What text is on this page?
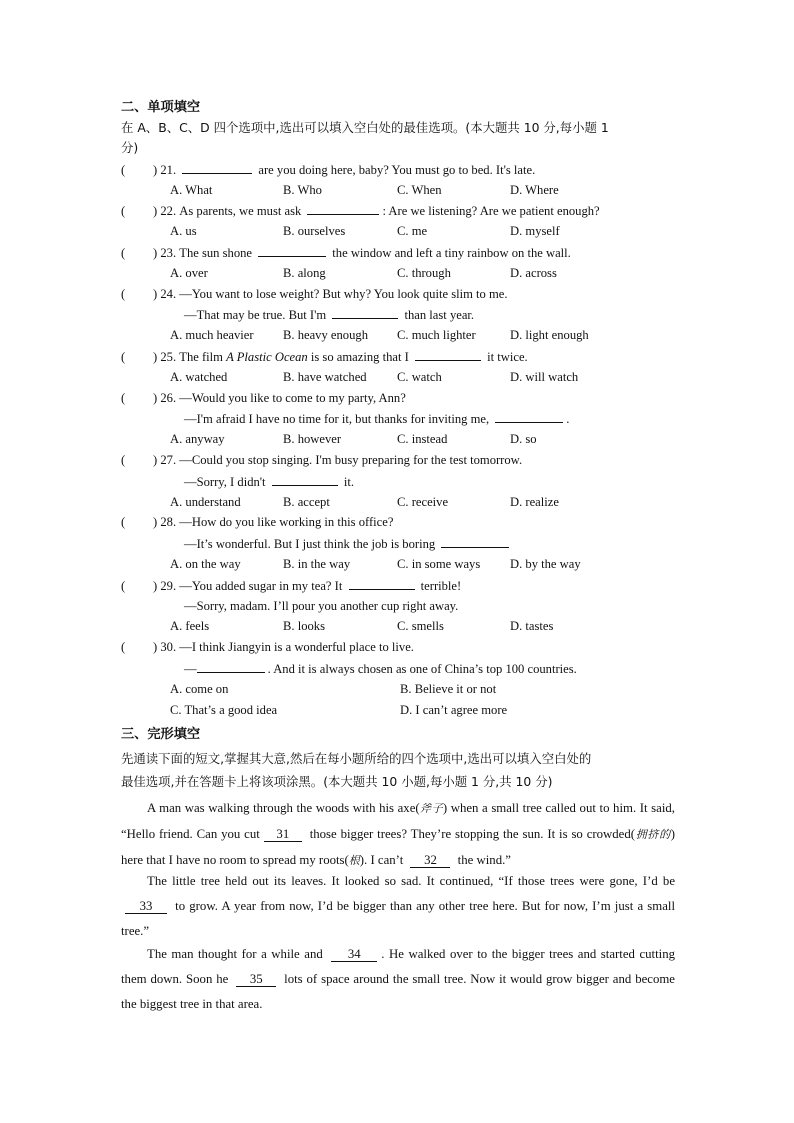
二、单项填空
在 A、B、C、D 四个选项中,选出可以填入空白处的最佳选项。(本大题共 10 分,每小题 1
分)
( ) 21.	are you doing here, baby? You must go to bed. It's late.
A. What	B. Who	C. When	D. Where
( ) 22. As parents, we must ask	: Are we listening? Are we patient enough?
A. us	B. ourselves	C. me	D. myself
( ) 23. The sun shone	the window and left a tiny rainbow on the wall.
A. over	B. along	C. through	D. across
( ) 24. —You want to lose weight? But why? You look quite slim to me.
—That may be true. But I'm	than last year.
A. much heavier B. heavy enough C. much lighter	D. light enough
( ) 25. The film A Plastic Ocean is so amazing that I	it twice.
A. watched	B. have watched C. watch	D. will watch
( ) 26. —Would you like to come to my party, Ann?
—I'm afraid I have no time for it, but thanks for inviting me,	.
A. anyway	B. however	C. instead	D. so
( ) 27. —Could you stop singing. I'm busy preparing for the test tomorrow.
—Sorry, I didn't	it.
A. understand	B. accept	C. receive	D. realize
( ) 28. —How do you like working in this office?
—It’s wonderful. But I just think the job is boring
A. on the way	B. in the way	C. in some ways D. by the way
( ) 29. —You added sugar in my tea? It	terrible!
—Sorry, madam. I’ll pour you another cup right away.
A. feels	B. looks	C. smells	D. tastes
( ) 30. —I think Jiangyin is a wonderful place to live.
—	. And it is always chosen as one of China’s top 100 countries.
A. come on	B. Believe it or not
C. That’s a good idea	D. I can’t agree more
三、完形填空
先通读下面的短文,掌握其大意,然后在每小题所给的四个选项中,选出可以填入空白处的
最佳选项,并在答题卡上将该项涂黑。(本大题共 10 小题,每小题 1 分,共 10 分)
A man was walking through the woods with his axe(斧子) when a small tree called out to him. It said, “Hello friend. Can you cut 31 those bigger trees? They’re stopping the sun. It is so crowded(拥挤的) here that I have no room to spread my roots(根). I can’t 32 the wind.”
The little tree held out its leaves. It looked so sad. It continued, “If those trees were gone, I’d be 33 to grow. A year from now, I’d be bigger than any other tree here. But for now, I’m just a small tree.”
The man thought for a while and 34 . He walked over to the bigger trees and started cutting them down. Soon he 35 lots of space around the small tree. Now it would grow bigger and become the biggest tree in that area.
